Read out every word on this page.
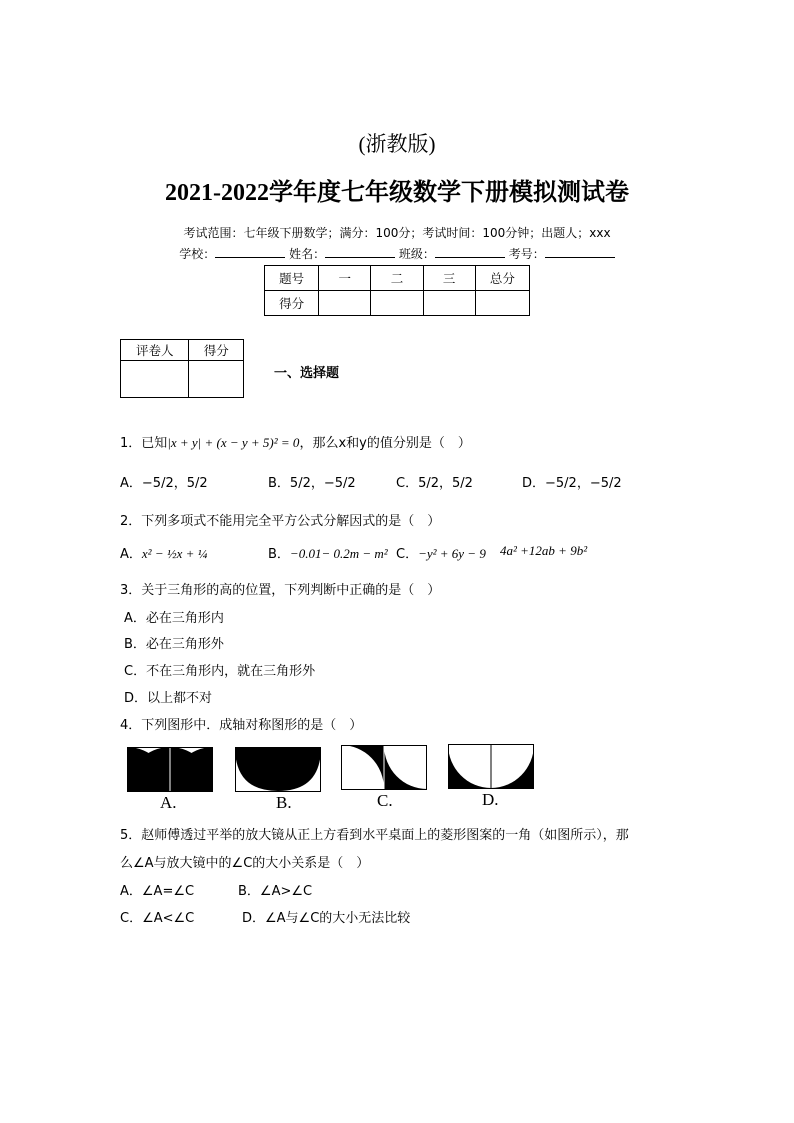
(浙教版)
2021-2022学年度七年级数学下册模拟测试卷
考试范围：七年级下册数学；满分：100分；考试时间：100分钟；出题人；xxx
学校：	姓名：	班级：	考号：
题号	一	二	三	总分
得分				
评卷人	得分

一、选择题
1．已知|x + y| + (x − y + 5)² = 0，那么x和y的值分别是（　）
A．−5/2，5/2	B．5/2，−5/2	C．5/2，5/2	D．−5/2，−5/2
2．下列多项式不能用完全平方公式分解因式的是（　）
A．x² − ½x + ¼	B．−0.01− 0.2m − m² C．−y² + 6y − 9 4a² +12ab + 9b²
3．关于三角形的高的位置，下列判断中正确的是（　）
A．必在三角形内
B．必在三角形外
C．不在三角形内，就在三角形外
D．以上都不对
4．下列图形中．成轴对称图形的是（　）
A.	B.	C.	D.
5．赵师傅透过平举的放大镜从正上方看到水平桌面上的菱形图案的一角（如图所示），那
么∠A与放大镜中的∠C的大小关系是（　）
A．∠A=∠C	B．∠A>∠C
C．∠A<∠C	D．∠A与∠C的大小无法比较
